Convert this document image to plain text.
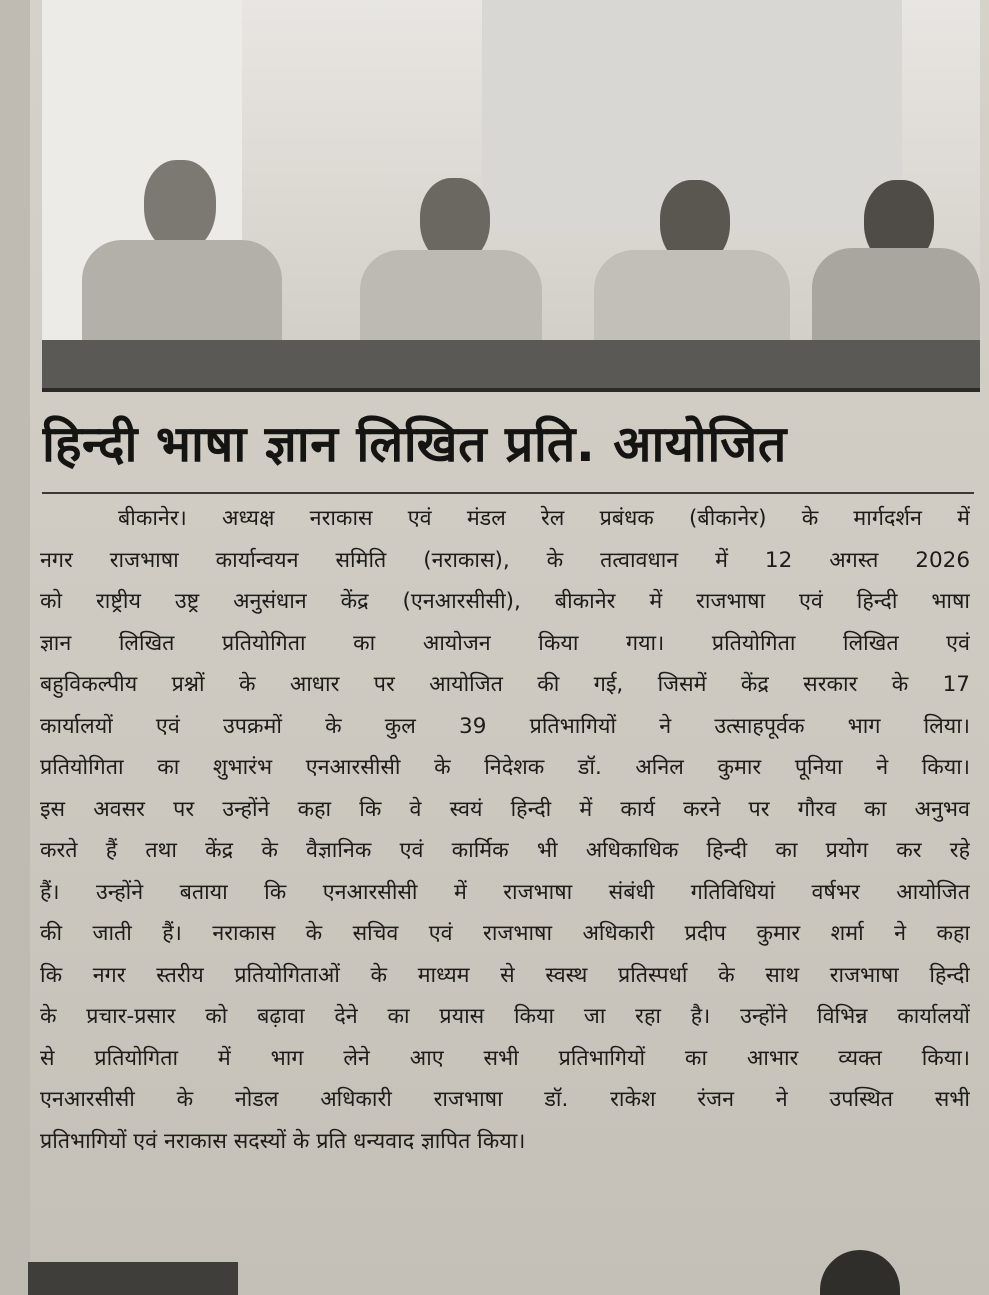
हिन्दी भाषा ज्ञान लिखित प्रति. आयोजित
बीकानेर। अध्यक्ष नराकास एवं मंडल रेल प्रबंधक (बीकानेर) के मार्गदर्शन में
नगर राजभाषा कार्यान्वयन समिति (नराकास), के तत्वावधान में 12 अगस्त 2026
को राष्ट्रीय उष्ट्र अनुसंधान केंद्र (एनआरसीसी), बीकानेर में राजभाषा एवं हिन्दी भाषा
ज्ञान लिखित प्रतियोगिता का आयोजन किया गया। प्रतियोगिता लिखित एवं
बहुविकल्पीय प्रश्नों के आधार पर आयोजित की गई, जिसमें केंद्र सरकार के 17
कार्यालयों एवं उपक्रमों के कुल 39 प्रतिभागियों ने उत्साहपूर्वक भाग लिया।
प्रतियोगिता का शुभारंभ एनआरसीसी के निदेशक डॉ. अनिल कुमार पूनिया ने किया।
इस अवसर पर उन्होंने कहा कि वे स्वयं हिन्दी में कार्य करने पर गौरव का अनुभव
करते हैं तथा केंद्र के वैज्ञानिक एवं कार्मिक भी अधिकाधिक हिन्दी का प्रयोग कर रहे
हैं। उन्होंने बताया कि एनआरसीसी में राजभाषा संबंधी गतिविधियां वर्षभर आयोजित
की जाती हैं। नराकास के सचिव एवं राजभाषा अधिकारी प्रदीप कुमार शर्मा ने कहा
कि नगर स्तरीय प्रतियोगिताओं के माध्यम से स्वस्थ प्रतिस्पर्धा के साथ राजभाषा हिन्दी
के प्रचार-प्रसार को बढ़ावा देने का प्रयास किया जा रहा है। उन्होंने विभिन्न कार्यालयों
से प्रतियोगिता में भाग लेने आए सभी प्रतिभागियों का आभार व्यक्त किया।
एनआरसीसी के नोडल अधिकारी राजभाषा डॉ. राकेश रंजन ने उपस्थित सभी
प्रतिभागियों एवं नराकास सदस्यों के प्रति धन्यवाद ज्ञापित किया।
